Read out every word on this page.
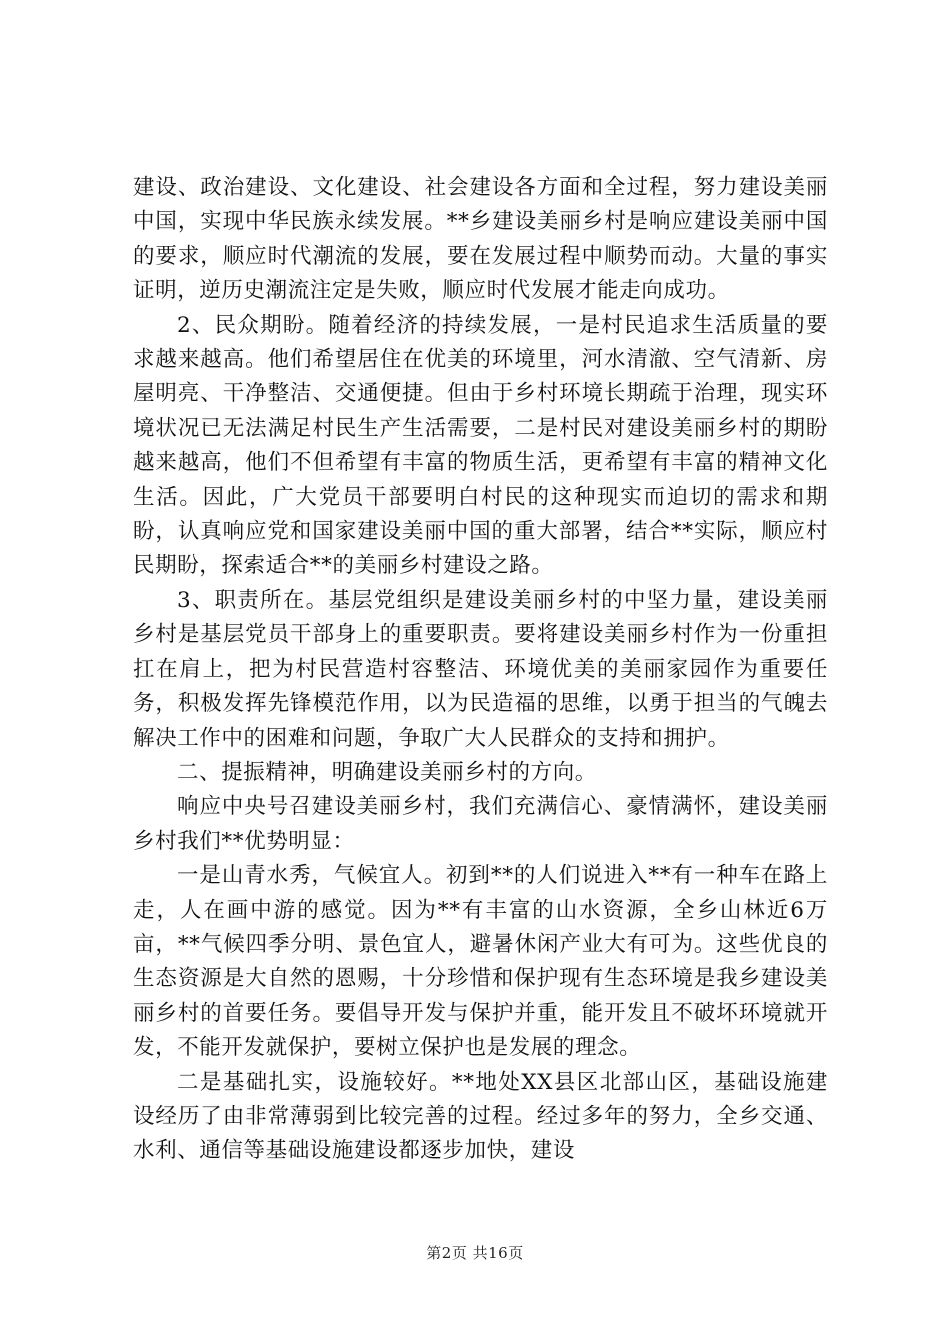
建设、政治建设、文化建设、社会建设各方面和全过程，努力建设美丽中国，实现中华民族永续发展。**乡建设美丽乡村是响应建设美丽中国的要求，顺应时代潮流的发展，要在发展过程中顺势而动。大量的事实证明，逆历史潮流注定是失败，顺应时代发展才能走向成功。

2、民众期盼。随着经济的持续发展，一是村民追求生活质量的要求越来越高。他们希望居住在优美的环境里，河水清澈、空气清新、房屋明亮、干净整洁、交通便捷。但由于乡村环境长期疏于治理，现实环境状况已无法满足村民生产生活需要，二是村民对建设美丽乡村的期盼越来越高，他们不但希望有丰富的物质生活，更希望有丰富的精神文化生活。因此，广大党员干部要明白村民的这种现实而迫切的需求和期盼，认真响应党和国家建设美丽中国的重大部署，结合**实际，顺应村民期盼，探索适合**的美丽乡村建设之路。

3、职责所在。基层党组织是建设美丽乡村的中坚力量，建设美丽乡村是基层党员干部身上的重要职责。要将建设美丽乡村作为一份重担扛在肩上，把为村民营造村容整洁、环境优美的美丽家园作为重要任务，积极发挥先锋模范作用，以为民造福的思维，以勇于担当的气魄去解决工作中的困难和问题，争取广大人民群众的支持和拥护。

二、提振精神，明确建设美丽乡村的方向。

响应中央号召建设美丽乡村，我们充满信心、豪情满怀，建设美丽乡村我们**优势明显：

一是山青水秀，气候宜人。初到**的人们说进入**有一种车在路上走，人在画中游的感觉。因为**有丰富的山水资源，全乡山林近6万亩，**气候四季分明、景色宜人，避暑休闲产业大有可为。这些优良的生态资源是大自然的恩赐，十分珍惜和保护现有生态环境是我乡建设美丽乡村的首要任务。要倡导开发与保护并重，能开发且不破坏环境就开发，不能开发就保护，要树立保护也是发展的理念。

二是基础扎实，设施较好。**地处XX县区北部山区，基础设施建设经历了由非常薄弱到比较完善的过程。经过多年的努力，全乡交通、水利、通信等基础设施建设都逐步加快，建设

第2页 共16页
